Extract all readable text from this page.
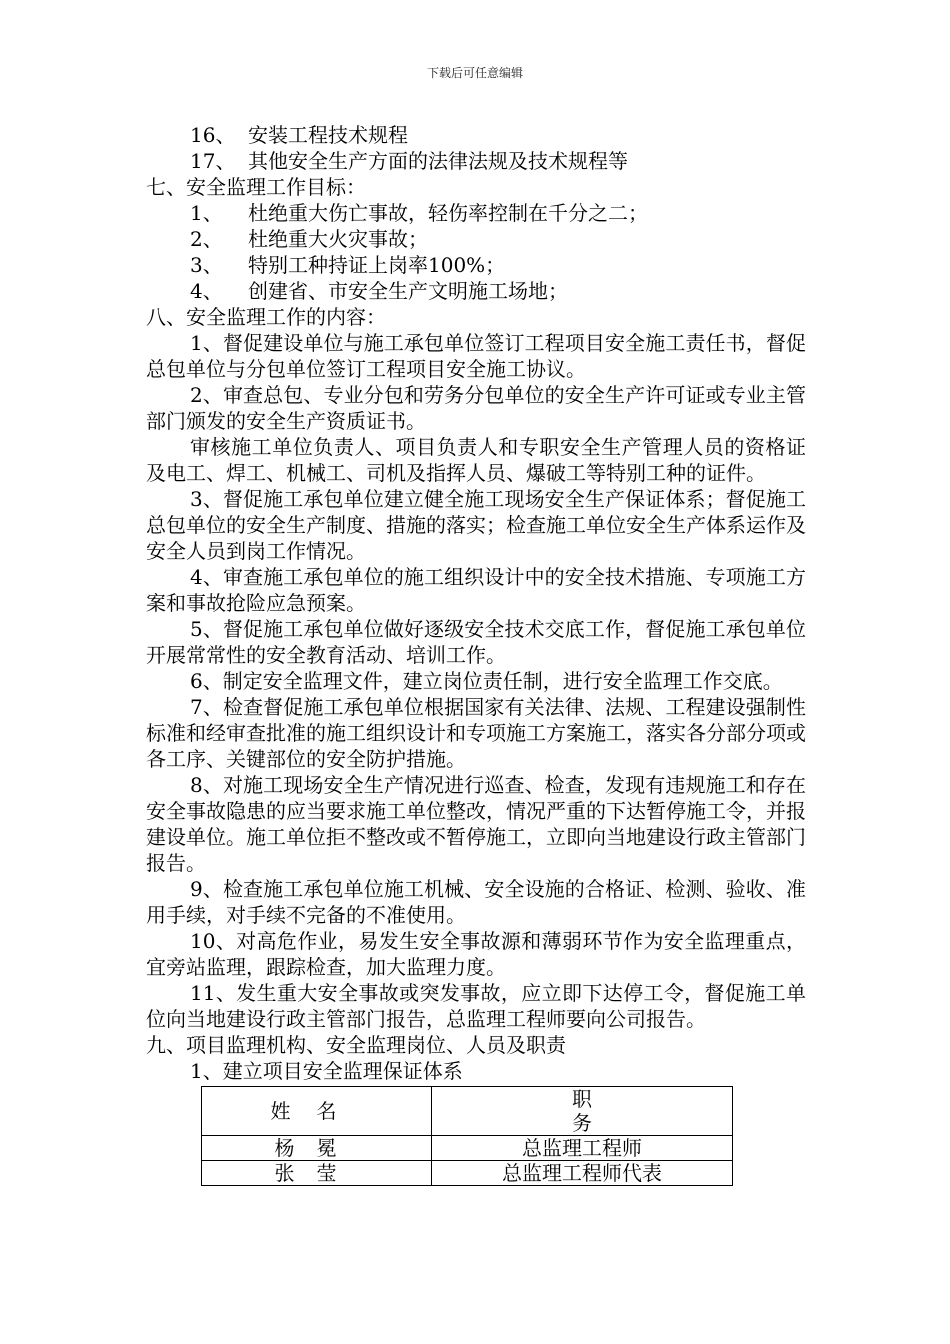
下载后可任意编辑
16、 安装工程技术规程
17、 其他安全生产方面的法律法规及技术规程等
七、安全监理工作目标：
1、 杜绝重大伤亡事故，轻伤率控制在千分之二；
2、 杜绝重大火灾事故；
3、 特别工种持证上岗率100%；
4、 创建省、市安全生产文明施工场地；
八、安全监理工作的内容：
1、督促建设单位与施工承包单位签订工程项目安全施工责任书，督促总包单位与分包单位签订工程项目安全施工协议。
2、审查总包、专业分包和劳务分包单位的安全生产许可证或专业主管部门颁发的安全生产资质证书。
审核施工单位负责人、项目负责人和专职安全生产管理人员的资格证及电工、焊工、机械工、司机及指挥人员、爆破工等特别工种的证件。
3、督促施工承包单位建立健全施工现场安全生产保证体系；督促施工总包单位的安全生产制度、措施的落实；检查施工单位安全生产体系运作及安全人员到岗工作情况。
4、审查施工承包单位的施工组织设计中的安全技术措施、专项施工方案和事故抢险应急预案。
5、督促施工承包单位做好逐级安全技术交底工作，督促施工承包单位开展常常性的安全教育活动、培训工作。
6、制定安全监理文件，建立岗位责任制，进行安全监理工作交底。
7、检查督促施工承包单位根据国家有关法律、法规、工程建设强制性标准和经审查批准的施工组织设计和专项施工方案施工，落实各分部分项或各工序、关键部位的安全防护措施。
8、对施工现场安全生产情况进行巡查、检查，发现有违规施工和存在安全事故隐患的应当要求施工单位整改，情况严重的下达暂停施工令，并报建设单位。施工单位拒不整改或不暂停施工，立即向当地建设行政主管部门报告。
9、检查施工承包单位施工机械、安全设施的合格证、检测、验收、准用手续，对手续不完备的不准使用。
10、对高危作业，易发生安全事故源和薄弱环节作为安全监理重点，宜旁站监理，跟踪检查，加大监理力度。
11、发生重大安全事故或突发事故，应立即下达停工令，督促施工单位向当地建设行政主管部门报告，总监理工程师要向公司报告。
九、项目监理机构、安全监理岗位、人员及职责
1、建立项目安全监理保证体系
姓名	职务
杨冕	总监理工程师
张莹	总监理工程师代表
